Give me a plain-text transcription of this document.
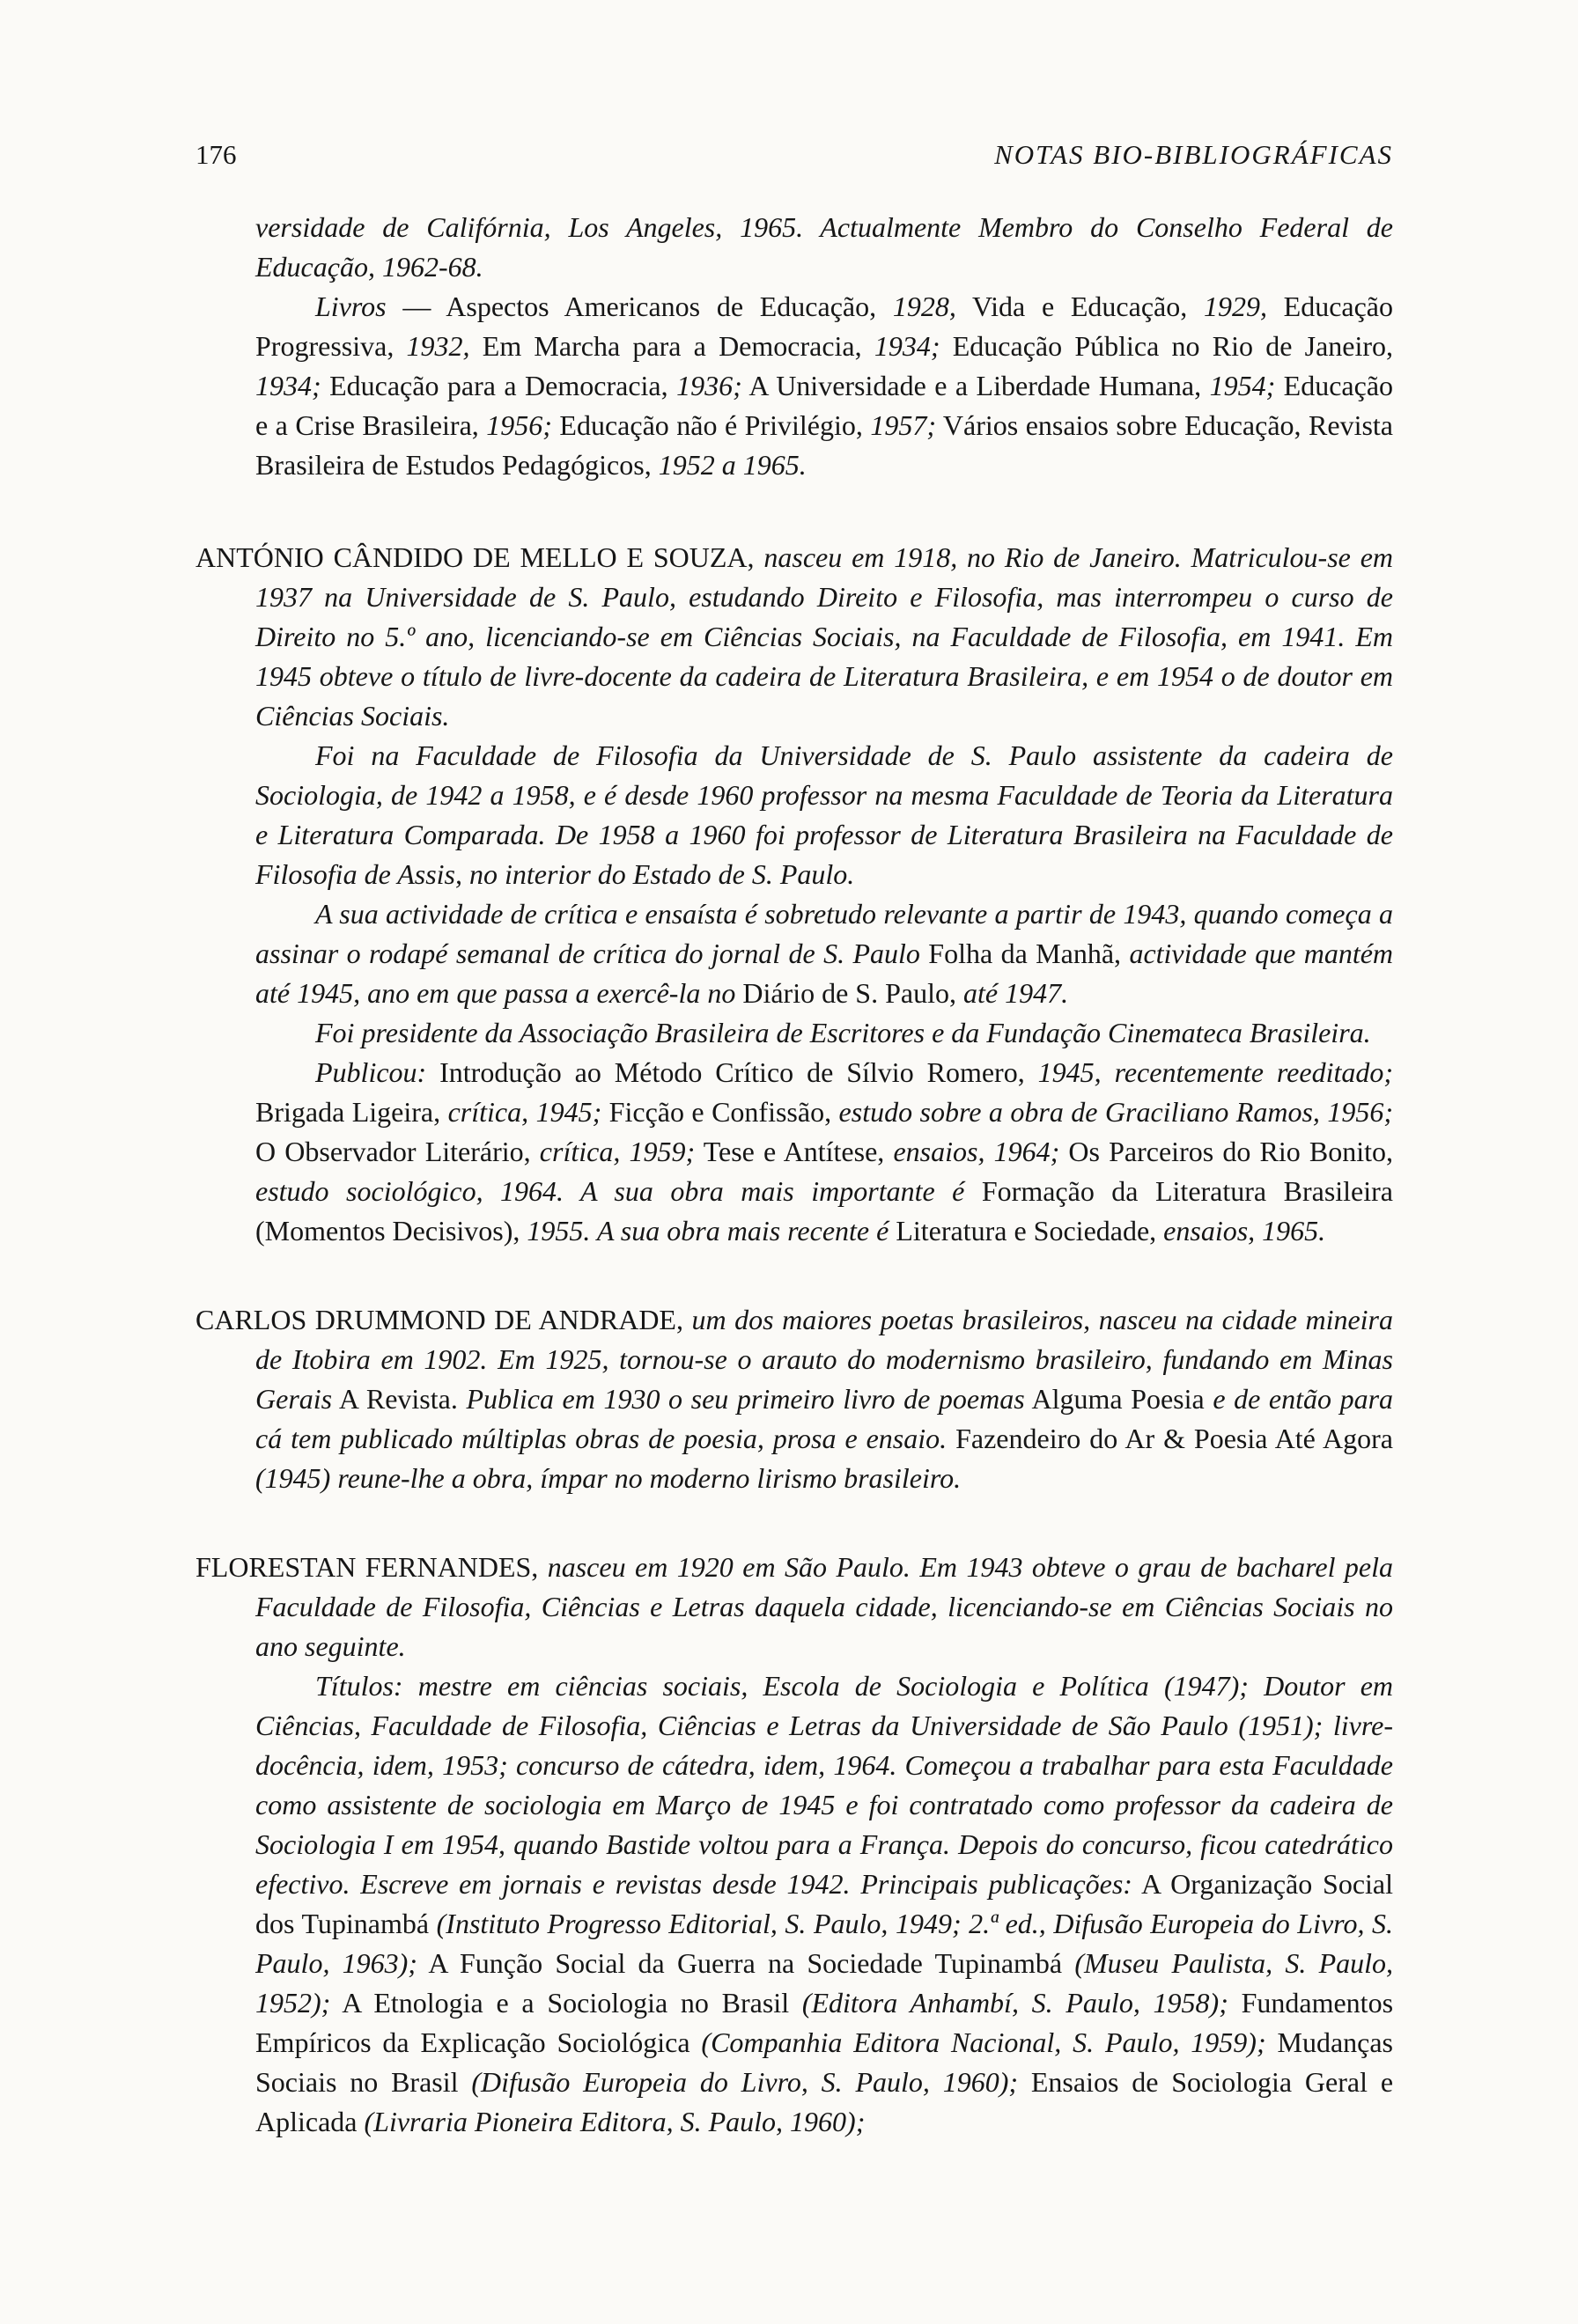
176	NOTAS BIO-BIBLIOGRÁFICAS

versidade de Califórnia, Los Angeles, 1965. Actualmente Membro do Conselho Federal de Educação, 1962-68.

Livros — Aspectos Americanos de Educação, 1928, Vida e Educação, 1929, Educação Progressiva, 1932, Em Marcha para a Democracia, 1934; Educação Pública no Rio de Janeiro, 1934; Educação para a Democracia, 1936; A Universidade e a Liberdade Humana, 1954; Educação e a Crise Brasileira, 1956; Educação não é Privilégio, 1957; Vários ensaios sobre Educação, Revista Brasileira de Estudos Pedagógicos, 1952 a 1965.

ANTÓNIO CÂNDIDO DE MELLO E SOUZA, nasceu em 1918, no Rio de Janeiro. Matriculou-se em 1937 na Universidade de S. Paulo, estudando Direito e Filosofia, mas interrompeu o curso de Direito no 5.º ano, licenciando-se em Ciências Sociais, na Faculdade de Filosofia, em 1941. Em 1945 obteve o título de livre-docente da cadeira de Literatura Brasileira, e em 1954 o de doutor em Ciências Sociais.

Foi na Faculdade de Filosofia da Universidade de S. Paulo assistente da cadeira de Sociologia, de 1942 a 1958, e é desde 1960 professor na mesma Faculdade de Teoria da Literatura e Literatura Comparada. De 1958 a 1960 foi professor de Literatura Brasileira na Faculdade de Filosofia de Assis, no interior do Estado de S. Paulo.

A sua actividade de crítica e ensaísta é sobretudo relevante a partir de 1943, quando começa a assinar o rodapé semanal de crítica do jornal de S. Paulo Folha da Manhã, actividade que mantém até 1945, ano em que passa a exercê-la no Diário de S. Paulo, até 1947.

Foi presidente da Associação Brasileira de Escritores e da Fundação Cinemateca Brasileira.

Publicou: Introdução ao Método Crítico de Sílvio Romero, 1945, recentemente reeditado; Brigada Ligeira, crítica, 1945; Ficção e Confissão, estudo sobre a obra de Graciliano Ramos, 1956; O Observador Literário, crítica, 1959; Tese e Antítese, ensaios, 1964; Os Parceiros do Rio Bonito, estudo sociológico, 1964. A sua obra mais importante é Formação da Literatura Brasileira (Momentos Decisivos), 1955. A sua obra mais recente é Literatura e Sociedade, ensaios, 1965.

CARLOS DRUMMOND DE ANDRADE, um dos maiores poetas brasileiros, nasceu na cidade mineira de Itobira em 1902. Em 1925, tornou-se o arauto do modernismo brasileiro, fundando em Minas Gerais A Revista. Publica em 1930 o seu primeiro livro de poemas Alguma Poesia e de então para cá tem publicado múltiplas obras de poesia, prosa e ensaio. Fazendeiro do Ar & Poesia Até Agora (1945) reune-lhe a obra, ímpar no moderno lirismo brasileiro.

FLORESTAN FERNANDES, nasceu em 1920 em São Paulo. Em 1943 obteve o grau de bacharel pela Faculdade de Filosofia, Ciências e Letras daquela cidade, licenciando-se em Ciências Sociais no ano seguinte.

Títulos: mestre em ciências sociais, Escola de Sociologia e Política (1947); Doutor em Ciências, Faculdade de Filosofia, Ciências e Letras da Universidade de São Paulo (1951); livre-docência, idem, 1953; concurso de cátedra, idem, 1964. Começou a trabalhar para esta Faculdade como assistente de sociologia em Março de 1945 e foi contratado como professor da cadeira de Sociologia I em 1954, quando Bastide voltou para a França. Depois do concurso, ficou catedrático efectivo. Escreve em jornais e revistas desde 1942. Principais publicações: A Organização Social dos Tupinambá (Instituto Progresso Editorial, S. Paulo, 1949; 2.ª ed., Difusão Europeia do Livro, S. Paulo, 1963); A Função Social da Guerra na Sociedade Tupinambá (Museu Paulista, S. Paulo, 1952); A Etnologia e a Sociologia no Brasil (Editora Anhambí, S. Paulo, 1958); Fundamentos Empíricos da Explicação Sociológica (Companhia Editora Nacional, S. Paulo, 1959); Mudanças Sociais no Brasil (Difusão Europeia do Livro, S. Paulo, 1960); Ensaios de Sociologia Geral e Aplicada (Livraria Pioneira Editora, S. Paulo, 1960);
